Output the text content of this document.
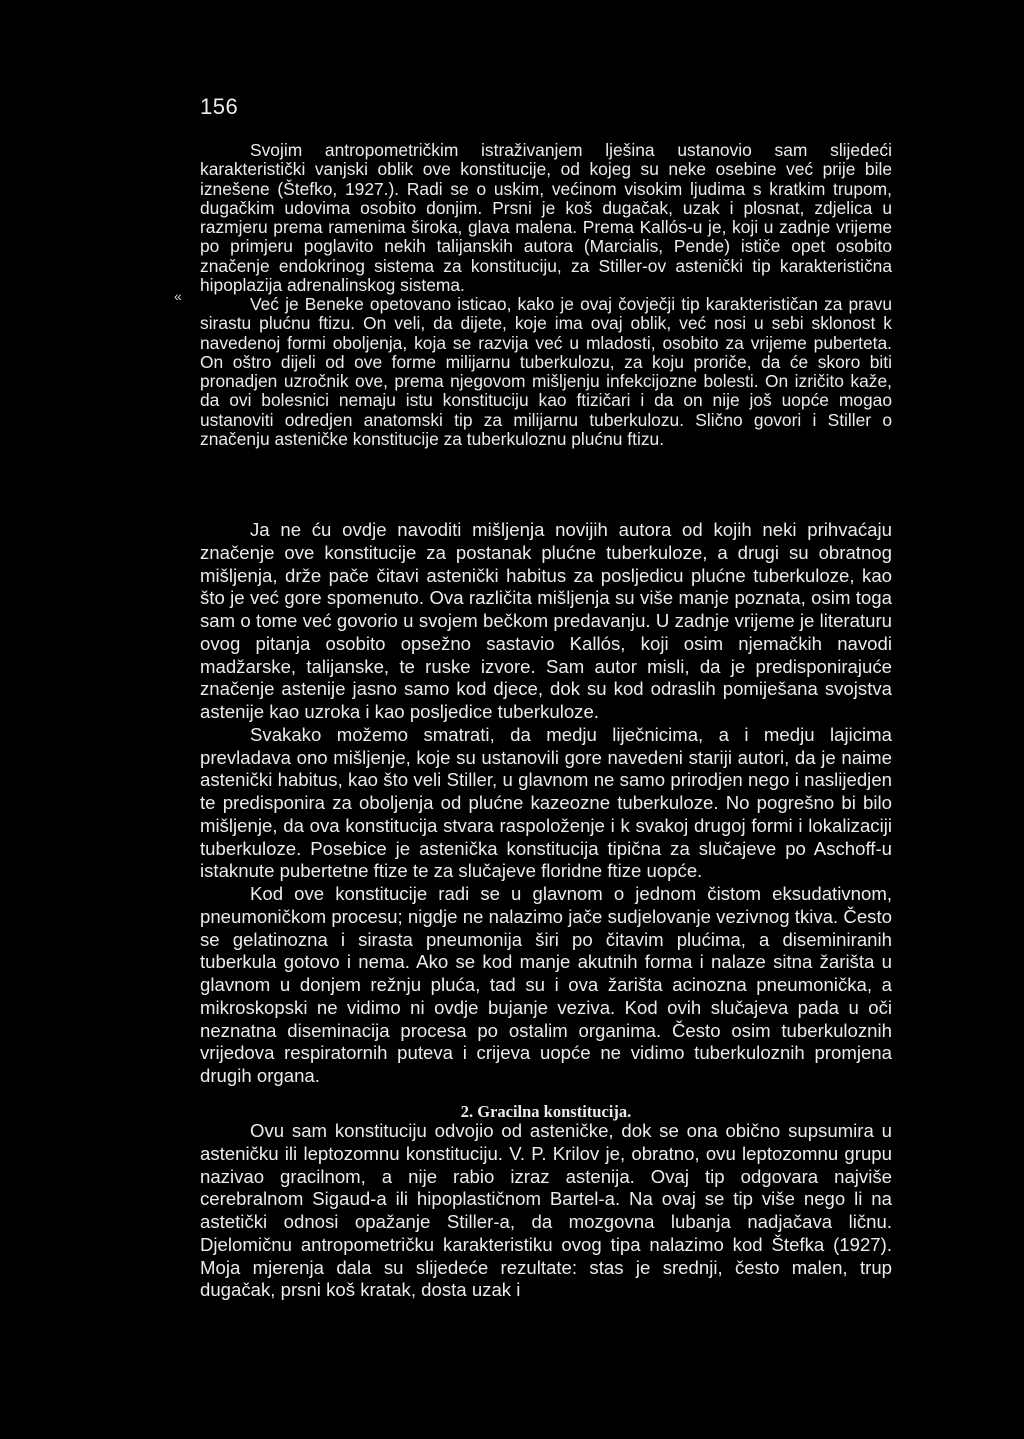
156
«

Svojim antropometričkim istraživanjem lješina ustanovio sam slijedeći karakteristički vanjski oblik ove konstitucije, od kojeg su neke osebine već prije bile iznešene (Štefko, 1927.). Radi se o uskim, većinom visokim ljudima s kratkim trupom, dugačkim udovima osobito donjim. Prsni je koš dugačak, uzak i plosnat, zdjelica u razmjeru prema ramenima široka, glava malena. Prema Kallós-u je, koji u zadnje vrijeme po primjeru poglavito nekih talijanskih autora (Marcialis, Pende) ističe opet osobito značenje endokrinog sistema za konstituciju, za Stiller-ov astenički tip karakteristična hipoplazija adrenalinskog sistema.

Već je Beneke opetovano isticao, kako je ovaj čovječji tip karakterističan za pravu sirastu plućnu ftizu. On veli, da dijete, koje ima ovaj oblik, već nosi u sebi sklonost k navedenoj formi oboljenja, koja se razvija već u mladosti, osobito za vrijeme puberteta. On oštro dijeli od ove forme milijarnu tuberkulozu, za koju proriče, da će skoro biti pronadjen uzročnik ove, prema njegovom mišljenju infekcijozne bolesti. On izričito kaže, da ovi bolesnici nemaju istu konstituciju kao ftizičari i da on nije još uopće mogao ustanoviti odredjen anatomski tip za milijarnu tuberkulozu. Slično govori i Stiller o značenju asteničke konstitucije za tuberkuloznu plućnu ftizu.

Ja ne ću ovdje navoditi mišljenja novijih autora od kojih neki prihvaćaju značenje ove konstitucije za postanak plućne tuberkuloze, a drugi su obratnog mišljenja, drže pače čitavi astenički habitus za posljedicu plućne tuberkuloze, kao što je već gore spomenuto. Ova različita mišljenja su više manje poznata, osim toga sam o tome već govorio u svojem bečkom predavanju. U zadnje vrijeme je literaturu ovog pitanja osobito opsežno sastavio Kallós, koji osim njemačkih navodi madžarske, talijanske, te ruske izvore. Sam autor misli, da je predisponirajuće značenje astenije jasno samo kod djece, dok su kod odraslih pomiješana svojstva astenije kao uzroka i kao posljedice tuberkuloze.

Svakako možemo smatrati, da medju liječnicima, a i medju lajicima prevladava ono mišljenje, koje su ustanovili gore navedeni stariji autori, da je naime astenički habitus, kao što veli Stiller, u glavnom ne samo prirodjen nego i naslijedjen te predisponira za oboljenja od plućne kazeozne tuberkuloze. No pogrešno bi bilo mišljenje, da ova konstitucija stvara raspoloženje i k svakoj drugoj formi i lokalizaciji tuberkuloze. Posebice je astenička konstitucija tipična za slučajeve po Aschoff-u istaknute pubertetne ftize te za slučajeve floridne ftize uopće.

Kod ove konstitucije radi se u glavnom o jednom čistom eksudativnom, pneumoničkom procesu; nigdje ne nalazimo jače sudjelovanje vezivnog tkiva. Često se gelatinozna i sirasta pneumonija širi po čitavim plućima, a diseminiranih tuberkula gotovo i nema. Ako se kod manje akutnih forma i nalaze sitna žarišta u glavnom u donjem režnju pluća, tad su i ova žarišta acinozna pneumonička, a mikroskopski ne vidimo ni ovdje bujanje veziva. Kod ovih slučajeva pada u oči neznatna diseminacija procesa po ostalim organima. Često osim tuberkuloznih vrijedova respiratornih puteva i crijeva uopće ne vidimo tuberkuloznih promjena drugih organa.

2. Gracilna konstitucija.

Ovu sam konstituciju odvojio od asteničke, dok se ona obično supsumira u asteničku ili leptozomnu konstituciju. V. P. Krilov je, obratno, ovu leptozomnu grupu nazivao gracilnom, a nije rabio izraz astenija. Ovaj tip odgovara najviše cerebralnom Sigaud-a ili hipoplastičnom Bartel-a. Na ovaj se tip više nego li na astetički odnosi opažanje Stiller-a, da mozgovna lubanja nadjačava ličnu. Djelomičnu antropometričku karakteristiku ovog tipa nalazimo kod Štefka (1927). Moja mjerenja dala su slijedeće rezultate: stas je srednji, često malen, trup dugačak, prsni koš kratak, dosta uzak i
